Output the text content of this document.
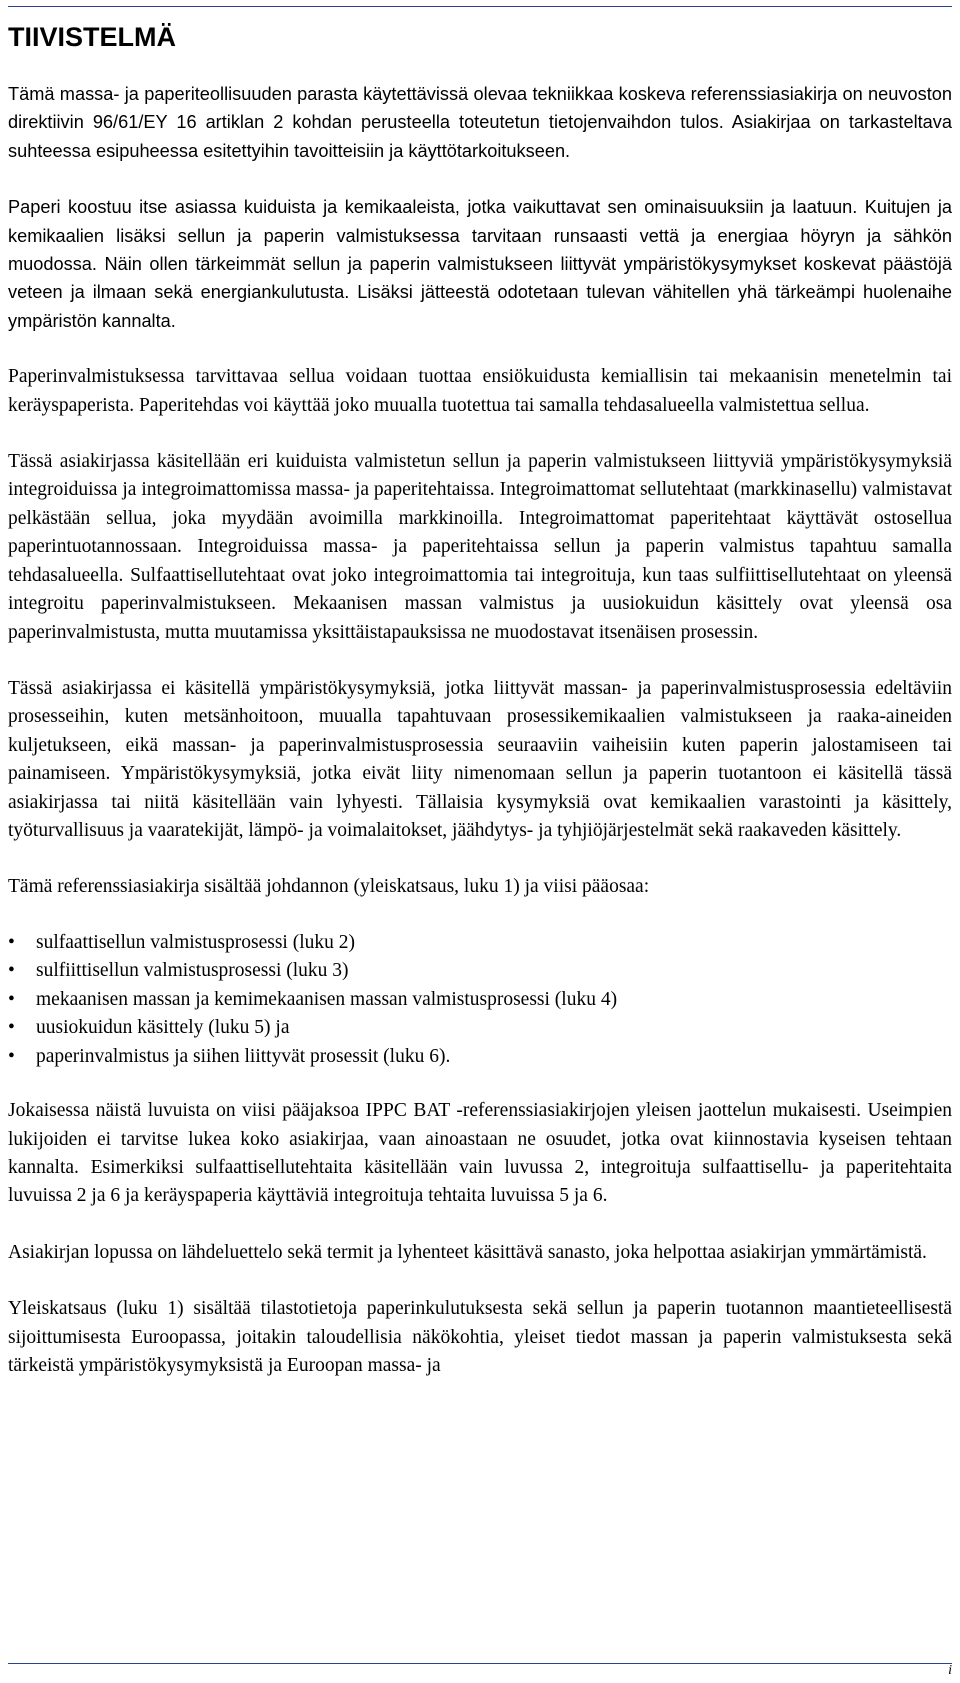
TIIVISTELMÄ

Tämä massa- ja paperiteollisuuden parasta käytettävissä olevaa tekniikkaa koskeva referenssiasiakirja on neuvoston direktiivin 96/61/EY 16 artiklan 2 kohdan perusteella toteutetun tietojenvaihdon tulos. Asiakirjaa on tarkasteltava suhteessa esipuheessa esitettyihin tavoitteisiin ja käyttötarkoitukseen.

Paperi koostuu itse asiassa kuiduista ja kemikaaleista, jotka vaikuttavat sen ominaisuuksiin ja laatuun. Kuitujen ja kemikaalien lisäksi sellun ja paperin valmistuksessa tarvitaan runsaasti vettä ja energiaa höyryn ja sähkön muodossa. Näin ollen tärkeimmät sellun ja paperin valmistukseen liittyvät ympäristökysymykset koskevat päästöjä veteen ja ilmaan sekä energiankulutusta. Lisäksi jätteestä odotetaan tulevan vähitellen yhä tärkeämpi huolenaihe ympäristön kannalta.

Paperinvalmistuksessa tarvittavaa sellua voidaan tuottaa ensiökuidusta kemiallisin tai mekaanisin menetelmin tai keräyspaperista. Paperitehdas voi käyttää joko muualla tuotettua tai samalla tehdasalueella valmistettua sellua.

Tässä asiakirjassa käsitellään eri kuiduista valmistetun sellun ja paperin valmistukseen liittyviä ympäristökysymyksiä integroiduissa ja integroimattomissa massa- ja paperitehtaissa. Integroimattomat sellutehtaat (markkinasellu) valmistavat pelkästään sellua, joka myydään avoimilla markkinoilla. Integroimattomat paperitehtaat käyttävät ostosellua paperintuotannossaan. Integroiduissa massa- ja paperitehtaissa sellun ja paperin valmistus tapahtuu samalla tehdasalueella. Sulfaattisellutehtaat ovat joko integroimattomia tai integroituja, kun taas sulfiittisellutehtaat on yleensä integroitu paperinvalmistukseen. Mekaanisen massan valmistus ja uusiokuidun käsittely ovat yleensä osa paperinvalmistusta, mutta muutamissa yksittäistapauksissa ne muodostavat itsenäisen prosessin.

Tässä asiakirjassa ei käsitellä ympäristökysymyksiä, jotka liittyvät massan- ja paperinvalmistusprosessia edeltäviin prosesseihin, kuten metsänhoitoon, muualla tapahtuvaan prosessikemikaalien valmistukseen ja raaka-aineiden kuljetukseen, eikä massan- ja paperinvalmistusprosessia seuraaviin vaiheisiin kuten paperin jalostamiseen tai painamiseen. Ympäristökysymyksiä, jotka eivät liity nimenomaan sellun ja paperin tuotantoon ei käsitellä tässä asiakirjassa tai niitä käsitellään vain lyhyesti. Tällaisia kysymyksiä ovat kemikaalien varastointi ja käsittely, työturvallisuus ja vaaratekijät, lämpö- ja voimalaitokset, jäähdytys- ja tyhjiöjärjestelmät sekä raakaveden käsittely.

Tämä referenssiasiakirja sisältää johdannon (yleiskatsaus, luku 1) ja viisi pääosaa:

• sulfaattisellun valmistusprosessi (luku 2)
• sulfiittisellun valmistusprosessi (luku 3)
• mekaanisen massan ja kemimekaanisen massan valmistusprosessi (luku 4)
• uusiokuidun käsittely (luku 5) ja
• paperinvalmistus ja siihen liittyvät prosessit (luku 6).

Jokaisessa näistä luvuista on viisi pääjaksoa IPPC BAT -referenssiasiakirjojen yleisen jaottelun mukaisesti. Useimpien lukijoiden ei tarvitse lukea koko asiakirjaa, vaan ainoastaan ne osuudet, jotka ovat kiinnostavia kyseisen tehtaan kannalta. Esimerkiksi sulfaattisellutehtaita käsitellään vain luvussa 2, integroituja sulfaattisellu- ja paperitehtaita luvuissa 2 ja 6 ja keräyspaperia käyttäviä integroituja tehtaita luvuissa 5 ja 6.

Asiakirjan lopussa on lähdeluettelo sekä termit ja lyhenteet käsittävä sanasto, joka helpottaa asiakirjan ymmärtämistä.

Yleiskatsaus (luku 1) sisältää tilastotietoja paperinkulutuksesta sekä sellun ja paperin tuotannon maantieteellisestä sijoittumisesta Euroopassa, joitakin taloudellisia näkökohtia, yleiset tiedot massan ja paperin valmistuksesta sekä tärkeistä ympäristökysymyksistä ja Euroopan massa- ja

i
